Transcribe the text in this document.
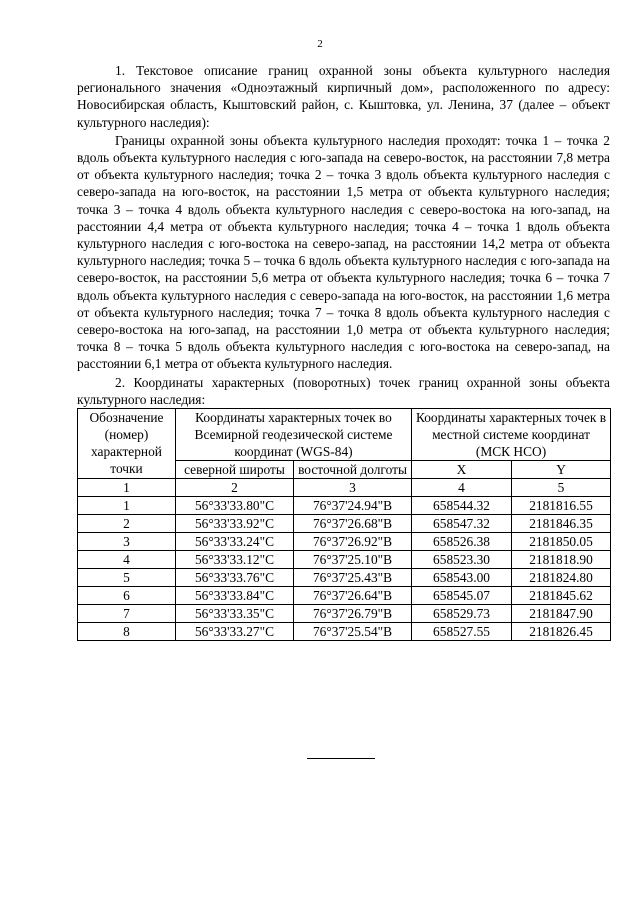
2

1. Текстовое описание границ охранной зоны объекта культурного наследия регионального значения «Одноэтажный кирпичный дом», расположенного по адресу: Новосибирская область, Кыштовский район, с. Кыштовка, ул. Ленина, 37 (далее – объект культурного наследия):

Границы охранной зоны объекта культурного наследия проходят: точка 1 – точка 2 вдоль объекта культурного наследия с юго-запада на северо-восток, на расстоянии 7,8 метра от объекта культурного наследия; точка 2 – точка 3 вдоль объекта культурного наследия с северо-запада на юго-восток, на расстоянии 1,5 метра от объекта культурного наследия; точка 3 – точка 4 вдоль объекта культурного наследия с северо-востока на юго-запад, на расстоянии 4,4 метра от объекта культурного наследия; точка 4 – точка 1 вдоль объекта культурного наследия с юго-востока на северо-запад, на расстоянии 14,2 метра от объекта культурного наследия; точка 5 – точка 6 вдоль объекта культурного наследия с юго-запада на северо-восток, на расстоянии 5,6 метра от объекта культурного наследия; точка 6 – точка 7 вдоль объекта культурного наследия с северо-запада на юго-восток, на расстоянии 1,6 метра от объекта культурного наследия; точка 7 – точка 8 вдоль объекта культурного наследия с северо-востока на юго-запад, на расстоянии 1,0 метра от объекта культурного наследия; точка 8 – точка 5 вдоль объекта культурного наследия с юго-востока на северо-запад, на расстоянии 6,1 метра от объекта культурного наследия.

2. Координаты характерных (поворотных) точек границ охранной зоны объекта культурного наследия:

Обозначение (номер) характерной точки	Координаты характерных точек во Всемирной геодезической системе координат (WGS-84)		Координаты характерных точек в местной системе координат (МСК НСО)	
	северной широты	восточной долготы	X	Y
1	2	3	4	5
1	56°33'33.80"С	76°37'24.94"В	658544.32	2181816.55
2	56°33'33.92"С	76°37'26.68"В	658547.32	2181846.35
3	56°33'33.24"С	76°37'26.92"В	658526.38	2181850.05
4	56°33'33.12"С	76°37'25.10"В	658523.30	2181818.90
5	56°33'33.76"С	76°37'25.43"В	658543.00	2181824.80
6	56°33'33.84"С	76°37'26.64"В	658545.07	2181845.62
7	56°33'33.35"С	76°37'26.79"В	658529.73	2181847.90
8	56°33'33.27"С	76°37'25.54"В	658527.55	2181826.45
